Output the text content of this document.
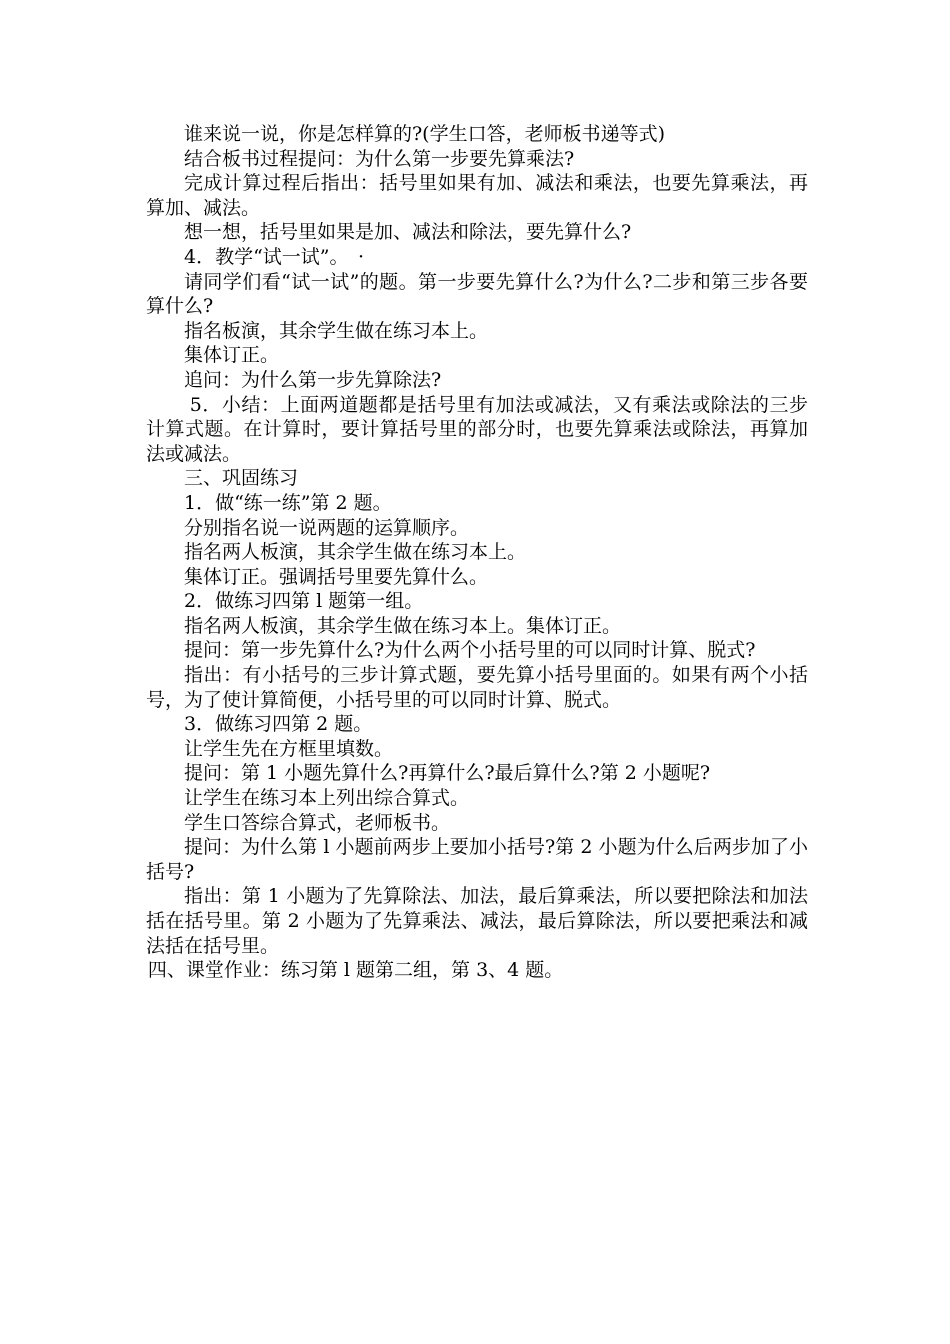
谁来说一说，你是怎样算的?(学生口答，老师板书递等式)

结合板书过程提问：为什么第一步要先算乘法?

完成计算过程后指出：括号里如果有加、减法和乘法，也要先算乘法，再算加、减法。

想一想，括号里如果是加、减法和除法，要先算什么?

4．教学“试一试”。　·

请同学们看“试一试”的题。第一步要先算什么?为什么?二步和第三步各要算什么?

指名板演，其余学生做在练习本上。

集体订正。

追问：为什么第一步先算除法?

5．小结：上面两道题都是括号里有加法或减法，又有乘法或除法的三步计算式题。在计算时，要计算括号里的部分时，也要先算乘法或除法，再算加法或减法。

三、巩固练习

1．做“练一练”第 2 题。

分别指名说一说两题的运算顺序。

指名两人板演，其余学生做在练习本上。

集体订正。强调括号里要先算什么。

2．做练习四第 l 题第一组。

指名两人板演，其余学生做在练习本上。集体订正。

提问：第一步先算什么?为什么两个小括号里的可以同时计算、脱式?

指出：有小括号的三步计算式题，要先算小括号里面的。如果有两个小括号，为了使计算简便，小括号里的可以同时计算、脱式。

3．做练习四第 2 题。

让学生先在方框里填数。

提问：第 1 小题先算什么?再算什么?最后算什么?第 2 小题呢?

让学生在练习本上列出综合算式。

学生口答综合算式，老师板书。

提问：为什么第 l 小题前两步上要加小括号?第 2 小题为什么后两步加了小括号?

指出：第 1 小题为了先算除法、加法，最后算乘法，所以要把除法和加法括在括号里。第 2 小题为了先算乘法、减法，最后算除法，所以要把乘法和减法括在括号里。

四、课堂作业：练习第 l 题第二组，第 3、4 题。
